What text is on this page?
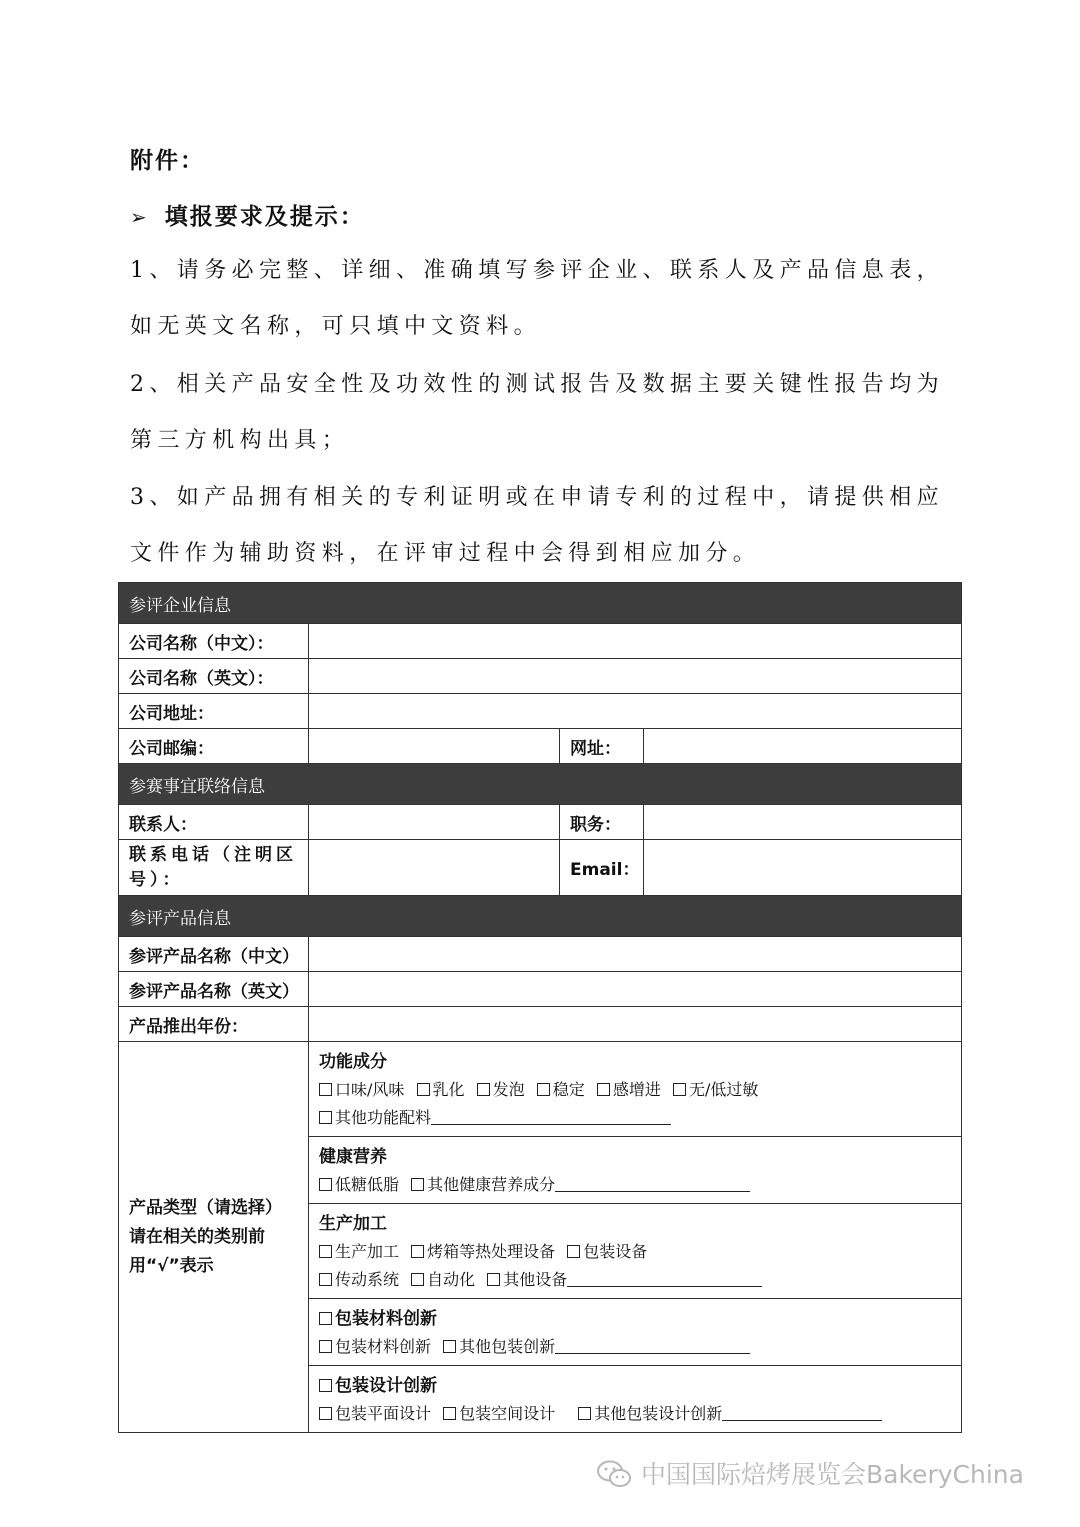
附件：
➢ 填报要求及提示：

1、请务必完整、详细、准确填写参评企业、联系人及产品信息表，如无英文名称，可只填中文资料。

2、相关产品安全性及功效性的测试报告及数据主要关键性报告均为第三方机构出具；

3、如产品拥有相关的专利证明或在申请专利的过程中，请提供相应文件作为辅助资料，在评审过程中会得到相应加分。

参评企业信息			
公司名称（中文）：			
公司名称（英文）：			
公司地址：			
公司邮编：		网址：	
参赛事宜联络信息			
联系人：		职务：	
联系电话（注明区号）：		Email：	
参评产品信息			
参评产品名称（中文）			
参评产品名称（英文）			
产品推出年份：			
产品类型（请选择）请在相关的类别前用“√”表示	功能成分
口味/风味 乳化 发泡 稳定 感增进 无/低过敏
其他功能配料		

	健康营养
低糖低脂 其他健康营养成分		

	生产加工
生产加工 烤箱等热处理设备 包装设备
传动系统 自动化 其他设备		

	包装材料创新
包装材料创新 其他包装创新		

	包装设计创新
包装平面设计 包装空间设计 其他包装设计创新		
中国国际焙烤展览会BakeryChina
